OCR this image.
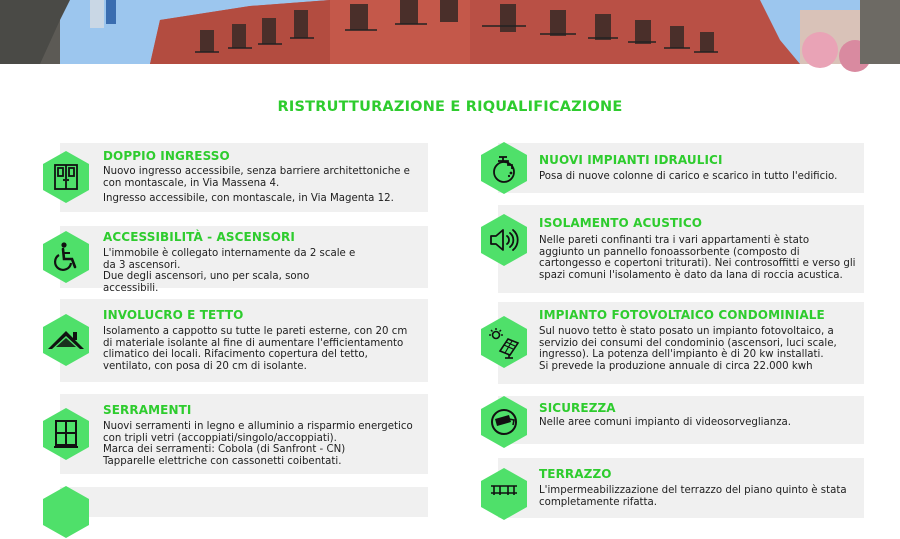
RISTRUTTURAZIONE E RIQUALIFICAZIONE
DOPPIO INGRESSO

Nuovo ingresso accessibile, senza barriere architettoniche e con montascale, in Via Massena 4.

Ingresso accessibile, con montascale, in Via Magenta 12.

ACCESSIBILITÀ - ASCENSORI

L'immobile è collegato internamente da 2 scale e da 3 ascensori.

Due degli ascensori, uno per scala, sono accessibili.

INVOLUCRO E TETTO

Isolamento a cappotto su tutte le pareti esterne, con 20 cm di materiale isolante al fine di aumentare l'efficientamento climatico dei locali. Rifacimento copertura del tetto, ventilato, con posa di 20 cm di isolante.

SERRAMENTI

Nuovi serramenti in legno e alluminio a risparmio energetico con tripli vetri (accoppiati/singolo/accoppiati).

Marca dei serramenti: Cobola (di Sanfront - CN)

Tapparelle elettriche con cassonetti coibentati.

NUOVI IMPIANTI IDRAULICI

Posa di nuove colonne di carico e scarico in tutto l'edificio.

ISOLAMENTO ACUSTICO

Nelle pareti confinanti tra i vari appartamenti è stato aggiunto un pannello fonoassorbente (composto di cartongesso e copertoni triturati). Nei controsoffitti e verso gli spazi comuni l'isolamento è dato da lana di roccia acustica.

IMPIANTO FOTOVOLTAICO CONDOMINIALE

Sul nuovo tetto è stato posato un impianto fotovoltaico, a servizio dei consumi del condominio (ascensori, luci scale, ingresso). La potenza dell'impianto è di 20 kw installati.

Si prevede la produzione annuale di circa 22.000 kwh

SICUREZZA

Nelle aree comuni impianto di videosorveglianza.

TERRAZZO

L'impermeabilizzazione del terrazzo del piano quinto è stata completamente rifatta.
